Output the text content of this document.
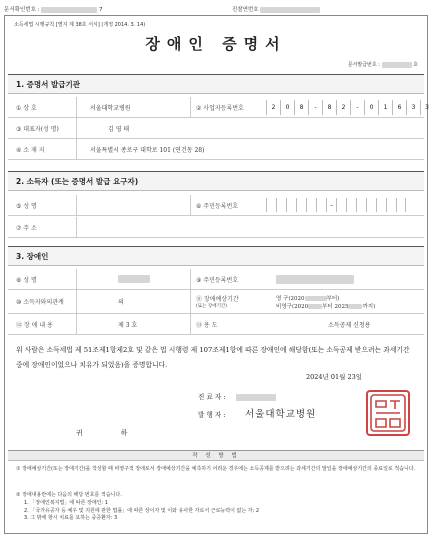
문서확인번호 :	7	진찰연번호
소득세법 시행규칙 [별지 제 38호 서식] (개정 2014. 3. 14)
장애인 증명서
문서발급번호 :	호
1. 증명서 발급기관
① 상 호	서울대학교병원	② 사업자등록번호	2	0	8	-	8	2	-	0	1	6	3	3
③ 대표자(성 명)	김 영 태
④ 소 재 지	서울특별시 종로구 대학로 101 (연건동 28)
2. 소득자 (또는 증명서 발급 요구자)
⑤ 성 명	⑥ 주민등록번호	–
⑦ 주 소
3. 장애인
⑧ 성 명	⑨ 주민등록번호
⑩ 소득자와의관계	의	⑪ 장애예상기간
(또는 장애기간)
영 구(2020	부터)
비영구(2020	부터 2025	까지)
⑫ 장 애 내 용	제 3 호	⑬ 용 도	소득공제 신청용
위 사람은 소득세법 제 51조제1항제2호 및 같은 법 시행령 제 107조제1항에 따른 장애인에 해당함(또는 소득공제 받으려는 과세기간 중에 장애인이었으나 치유가 되었음)을 증명합니다.
2024년 01월 23일
진 료 자 :
발 행 자 : 서울대학교병원
귀 하
작 성 방 법
① 장애예상기간(또는 장애기간)을 작성할 때 비영구적 장애로서 장애예상기간을 예측하기 어려운 경우에는 소득공제를 받으려는 과세기간의 말일을 장애예상기간의 종료일로 적습니다.
② 장애내용란에는 다음의 해당 번호를 적습니다.
1. 「장애인복지법」에 따른 장애인: 1
2. 「국가유공자 등 예우 및 지원에 관한 법률」에 따른 상이자 및 이와 유사한 자로서 근로능력이 없는 자: 2
3. 그 밖에 항시 치료를 요하는 중증환자: 3
